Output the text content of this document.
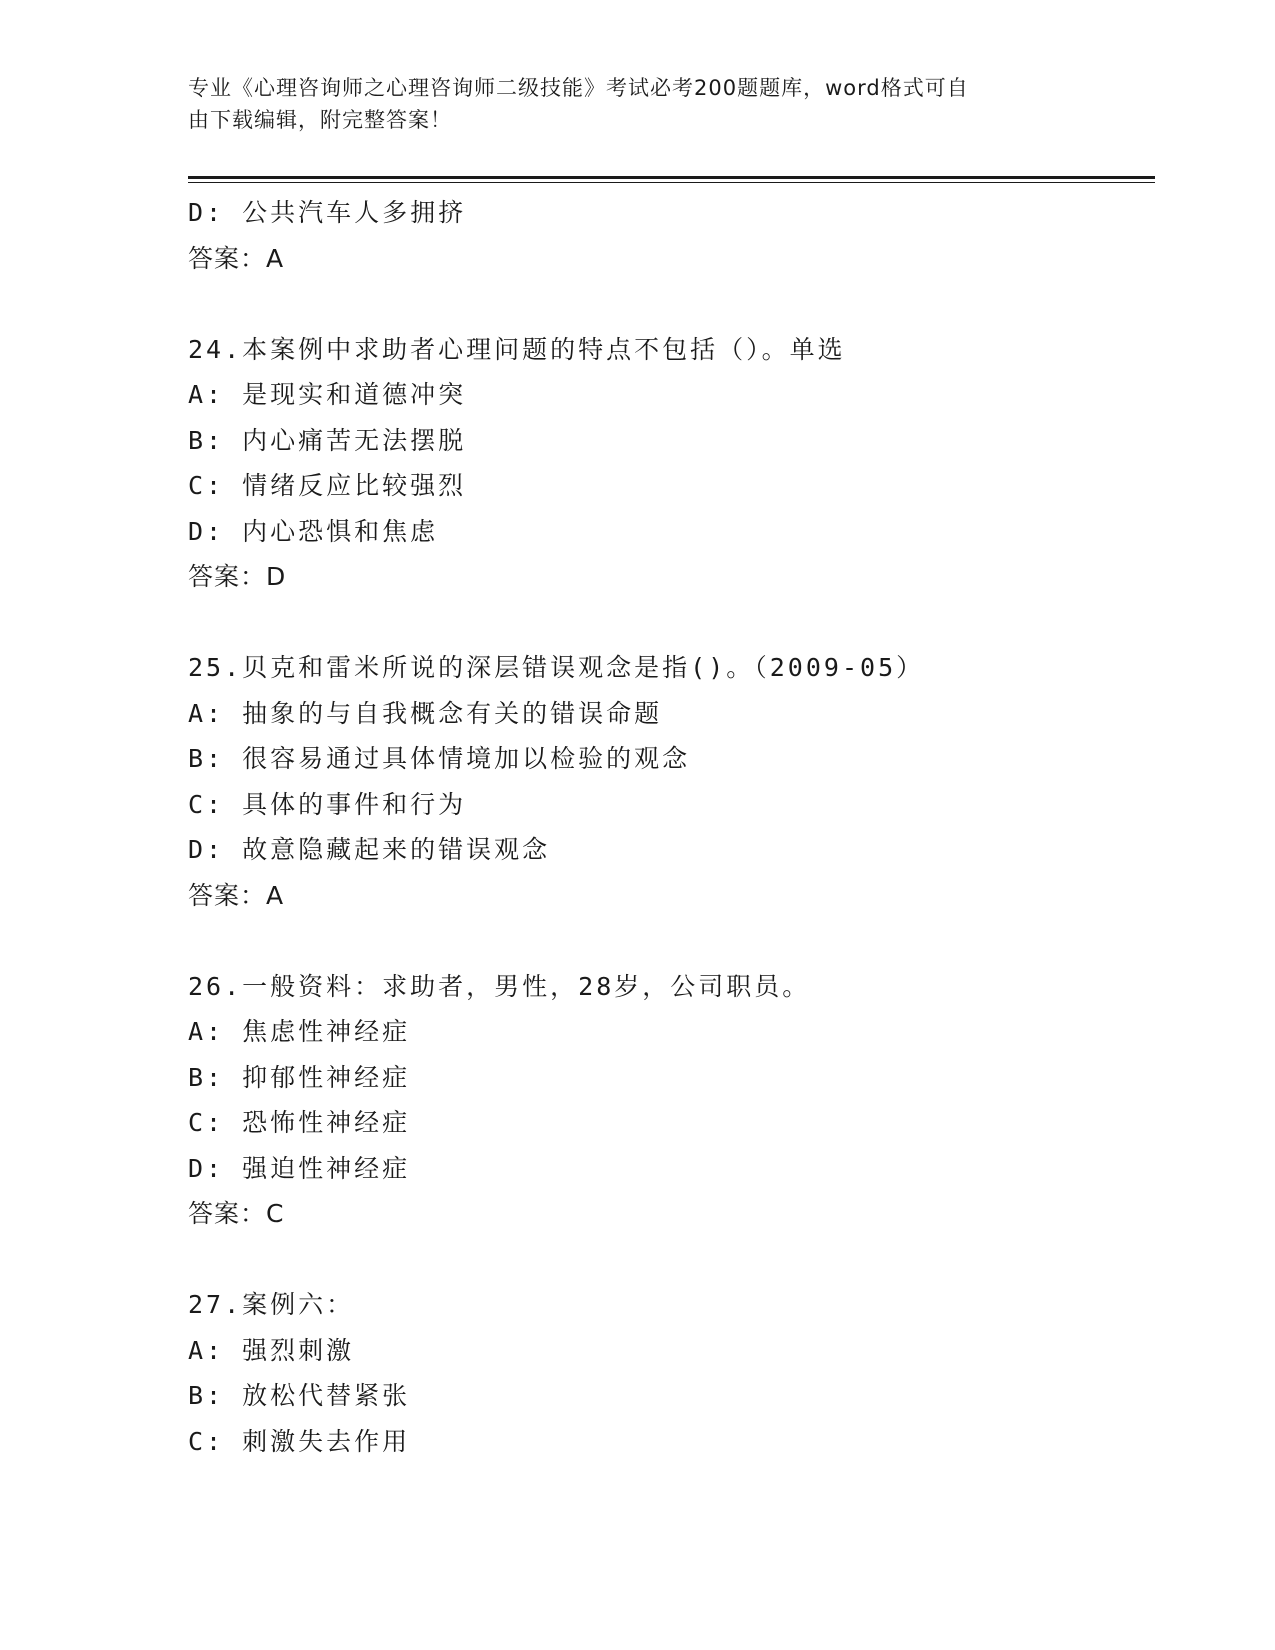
专业《心理咨询师之心理咨询师二级技能》考试必考200题题库，word格式可自
由下载编辑，附完整答案！
D: 公共汽车人多拥挤
答案：A
24.本案例中求助者心理问题的特点不包括（）。单选
A: 是现实和道德冲突
B: 内心痛苦无法摆脱
C: 情绪反应比较强烈
D: 内心恐惧和焦虑
答案：D
25.贝克和雷米所说的深层错误观念是指()。（2009-05）
A: 抽象的与自我概念有关的错误命题
B: 很容易通过具体情境加以检验的观念
C: 具体的事件和行为
D: 故意隐藏起来的错误观念
答案：A
26.一般资料：求助者，男性，28岁，公司职员。
A: 焦虑性神经症
B: 抑郁性神经症
C: 恐怖性神经症
D: 强迫性神经症
答案：C
27.案例六：
A: 强烈刺激
B: 放松代替紧张
C: 刺激失去作用
